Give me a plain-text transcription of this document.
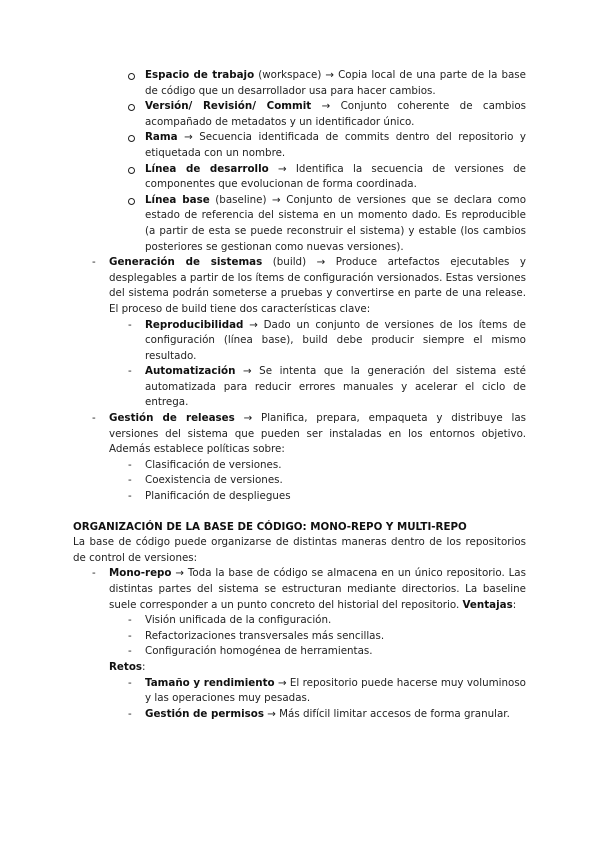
Espacio de trabajo (workspace) → Copia local de una parte de la base de código que un desarrollador usa para hacer cambios.
Versión/ Revisión/ Commit → Conjunto coherente de cambios acompañado de metadatos y un identificador único.
Rama → Secuencia identificada de commits dentro del repositorio y etiquetada con un nombre.
Línea de desarrollo → Identifica la secuencia de versiones de componentes que evolucionan de forma coordinada.
Línea base (baseline) → Conjunto de versiones que se declara como estado de referencia del sistema en un momento dado. Es reproducible (a partir de esta se puede reconstruir el sistema) y estable (los cambios posteriores se gestionan como nuevas versiones).
- Generación de sistemas (build) → Produce artefactos ejecutables y desplegables a partir de los ítems de configuración versionados. Estas versiones del sistema podrán someterse a pruebas y convertirse en parte de una release. El proceso de build tiene dos características clave:
- Reproducibilidad → Dado un conjunto de versiones de los ítems de configuración (línea base), build debe producir siempre el mismo resultado.
- Automatización → Se intenta que la generación del sistema esté automatizada para reducir errores manuales y acelerar el ciclo de entrega.
- Gestión de releases → Planifica, prepara, empaqueta y distribuye las versiones del sistema que pueden ser instaladas en los entornos objetivo. Además establece políticas sobre:
- Clasificación de versiones.
- Coexistencia de versiones.
- Planificación de despliegues
ORGANIZACIÓN DE LA BASE DE CÓDIGO: MONO-REPO Y MULTI-REPO
La base de código puede organizarse de distintas maneras dentro de los repositorios de control de versiones:
- Mono-repo → Toda la base de código se almacena en un único repositorio. Las distintas partes del sistema se estructuran mediante directorios. La baseline suele corresponder a un punto concreto del historial del repositorio. Ventajas:
- Visión unificada de la configuración.
- Refactorizaciones transversales más sencillas.
- Configuración homogénea de herramientas.
Retos:
- Tamaño y rendimiento → El repositorio puede hacerse muy voluminoso y las operaciones muy pesadas.
- Gestión de permisos → Más difícil limitar accesos de forma granular.
